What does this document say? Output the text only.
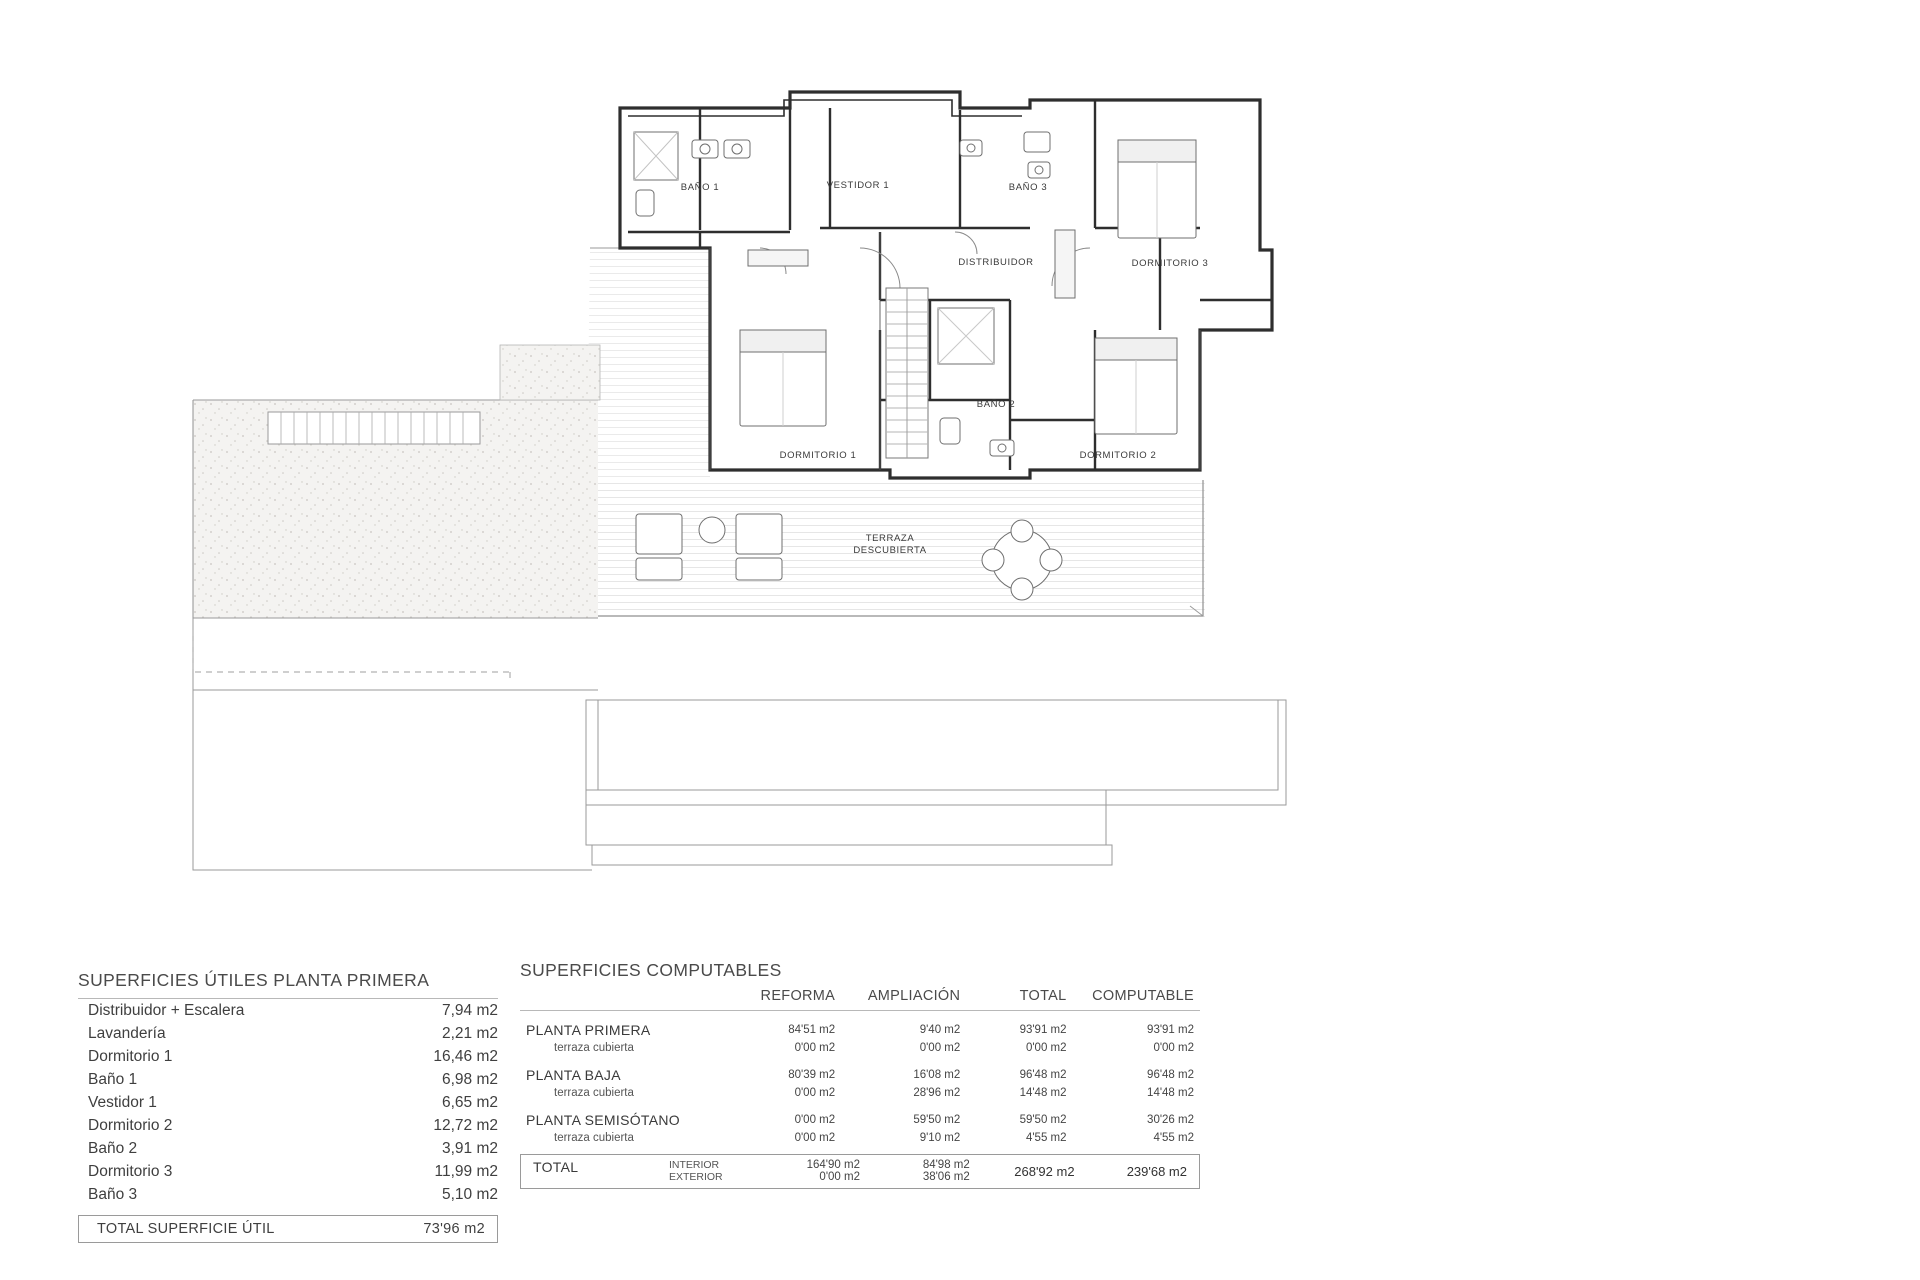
BAÑO 1	VESTIDOR 1	BAÑO 3
DISTRIBUIDOR	DORMITORIO 3
BAÑO 2
DORMITORIO 1	DORMITORIO 2
TERRAZA
DESCUBIERTA
SUPERFICIES ÚTILES PLANTA PRIMERA
Distribuidor + Escalera	7,94 m2
Lavandería	2,21 m2
Dormitorio 1	16,46 m2
Baño 1	6,98 m2
Vestidor 1	6,65 m2
Dormitorio 2	12,72 m2
Baño 2	3,91 m2
Dormitorio 3	11,99 m2
Baño 3	5,10 m2
TOTAL SUPERFICIE ÚTIL	73'96 m2
SUPERFICIES COMPUTABLES
	REFORMA	AMPLIACIÓN	TOTAL	COMPUTABLE

PLANTA PRIMERA	84'51 m2	9'40 m2	93'91 m2	93'91 m2
terraza cubierta	0'00 m2	0'00 m2	0'00 m2	0'00 m2

PLANTA BAJA	80'39 m2	16'08 m2	96'48 m2	96'48 m2
terraza cubierta	0'00 m2	28'96 m2	14'48 m2	14'48 m2

PLANTA SEMISÓTANO	0'00 m2	59'50 m2	59'50 m2	30'26 m2
terraza cubierta	0'00 m2	9'10 m2	4'55 m2	4'55 m2
TOTAL	INTERIOR	164'90 m2	84'98 m2	268'92 m2	239'68 m2
	EXTERIOR	0'00 m2	38'06 m2		
